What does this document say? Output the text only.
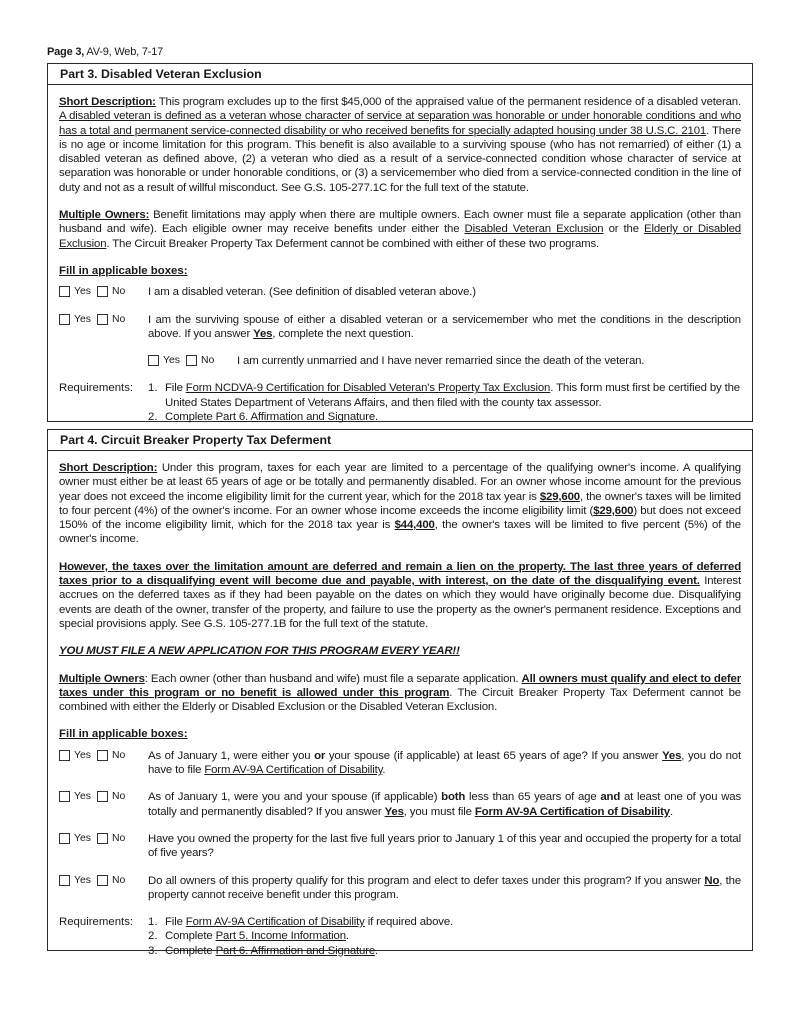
Page 3, AV-9, Web, 7-17
Part 3. Disabled Veteran Exclusion

Short Description: This program excludes up to the first $45,000 of the appraised value of the permanent residence of a disabled veteran. A disabled veteran is defined as a veteran whose character of service at separation was honorable or under honorable conditions and who has a total and permanent service-connected disability or who received benefits for specially adapted housing under 38 U.S.C. 2101. There is no age or income limitation for this program. This benefit is also available to a surviving spouse (who has not remarried) of either (1) a disabled veteran as defined above, (2) a veteran who died as a result of a service-connected condition whose character of service at separation was honorable or under honorable conditions, or (3) a servicemember who died from a service-connected condition in the line of duty and not as a result of willful misconduct. See G.S. 105-277.1C for the full text of the statute.

Multiple Owners: Benefit limitations may apply when there are multiple owners. Each owner must file a separate application (other than husband and wife). Each eligible owner may receive benefits under either the Disabled Veteran Exclusion or the Elderly or Disabled Exclusion. The Circuit Breaker Property Tax Deferment cannot be combined with either of these two programs.

Fill in applicable boxes:
Yes No I am a disabled veteran. (See definition of disabled veteran above.)
Yes No I am the surviving spouse of either a disabled veteran or a servicemember who met the conditions in the description above. If you answer Yes, complete the next question.
Yes No I am currently unmarried and I have never remarried since the death of the veteran.
Requirements:	1. File Form NCDVA-9 Certification for Disabled Veteran's Property Tax Exclusion. This form must first be certified by the United States Department of Veterans Affairs, and then filed with the county tax assessor.
2. Complete Part 6. Affirmation and Signature.
Part 4. Circuit Breaker Property Tax Deferment

Short Description: Under this program, taxes for each year are limited to a percentage of the qualifying owner's income. A qualifying owner must either be at least 65 years of age or be totally and permanently disabled. For an owner whose income amount for the previous year does not exceed the income eligibility limit for the current year, which for the 2018 tax year is $29,600, the owner's taxes will be limited to four percent (4%) of the owner's income. For an owner whose income exceeds the income eligibility limit ($29,600) but does not exceed 150% of the income eligibility limit, which for the 2018 tax year is $44,400, the owner's taxes will be limited to five percent (5%) of the owner's income.

However, the taxes over the limitation amount are deferred and remain a lien on the property. The last three years of deferred taxes prior to a disqualifying event will become due and payable, with interest, on the date of the disqualifying event. Interest accrues on the deferred taxes as if they had been payable on the dates on which they would have originally become due. Disqualifying events are death of the owner, transfer of the property, and failure to use the property as the owner's permanent residence. Exceptions and special provisions apply. See G.S. 105-277.1B for the full text of the statute.

YOU MUST FILE A NEW APPLICATION FOR THIS PROGRAM EVERY YEAR!!

Multiple Owners: Each owner (other than husband and wife) must file a separate application. All owners must qualify and elect to defer taxes under this program or no benefit is allowed under this program. The Circuit Breaker Property Tax Deferment cannot be combined with either the Elderly or Disabled Exclusion or the Disabled Veteran Exclusion.

Fill in applicable boxes:
Yes No As of January 1, were either you or your spouse (if applicable) at least 65 years of age? If you answer Yes, you do not have to file Form AV-9A Certification of Disability.
Yes No As of January 1, were you and your spouse (if applicable) both less than 65 years of age and at least one of you was totally and permanently disabled? If you answer Yes, you must file Form AV-9A Certification of Disability.
Yes No Have you owned the property for the last five full years prior to January 1 of this year and occupied the property for a total of five years?
Yes No Do all owners of this property qualify for this program and elect to defer taxes under this program? If you answer No, the property cannot receive benefit under this program.
Requirements:	1. File Form AV-9A Certification of Disability if required above.
2. Complete Part 5. Income Information.
3. Complete Part 6. Affirmation and Signature.
